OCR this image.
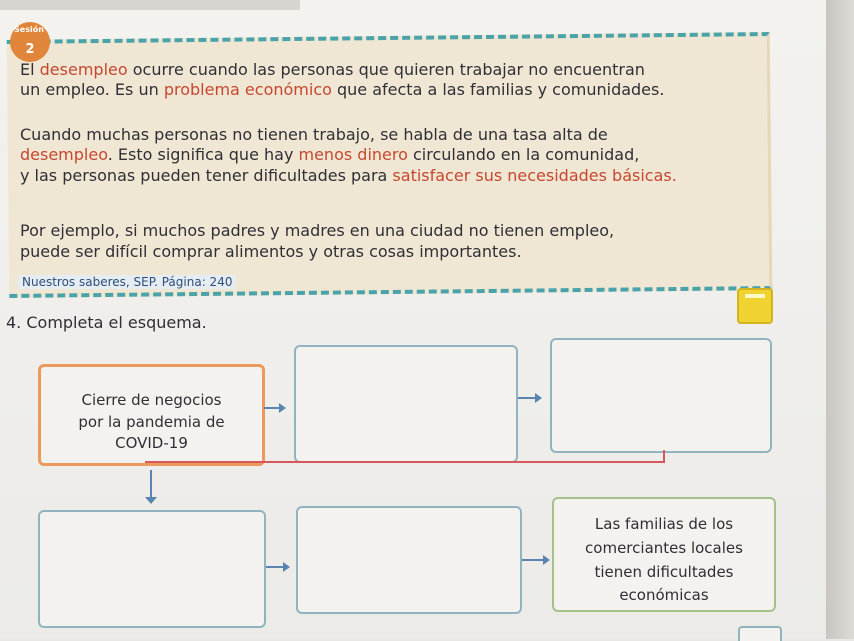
Sesión
2
El desempleo ocurre cuando las personas que quieren trabajar no encuentran
un empleo. Es un problema económico que afecta a las familias y comunidades.
Cuando muchas personas no tienen trabajo, se habla de una tasa alta de
desempleo. Esto significa que hay menos dinero circulando en la comunidad,
y las personas pueden tener dificultades para satisfacer sus necesidades básicas.
Por ejemplo, si muchos padres y madres en una ciudad no tienen empleo,
puede ser difícil comprar alimentos y otras cosas importantes.
Nuestros saberes, SEP. Página: 240
4. Completa el esquema.
Cierre de negocios
por la pandemia de
COVID-19
Las familias de los
comerciantes locales
tienen dificultades
económicas
